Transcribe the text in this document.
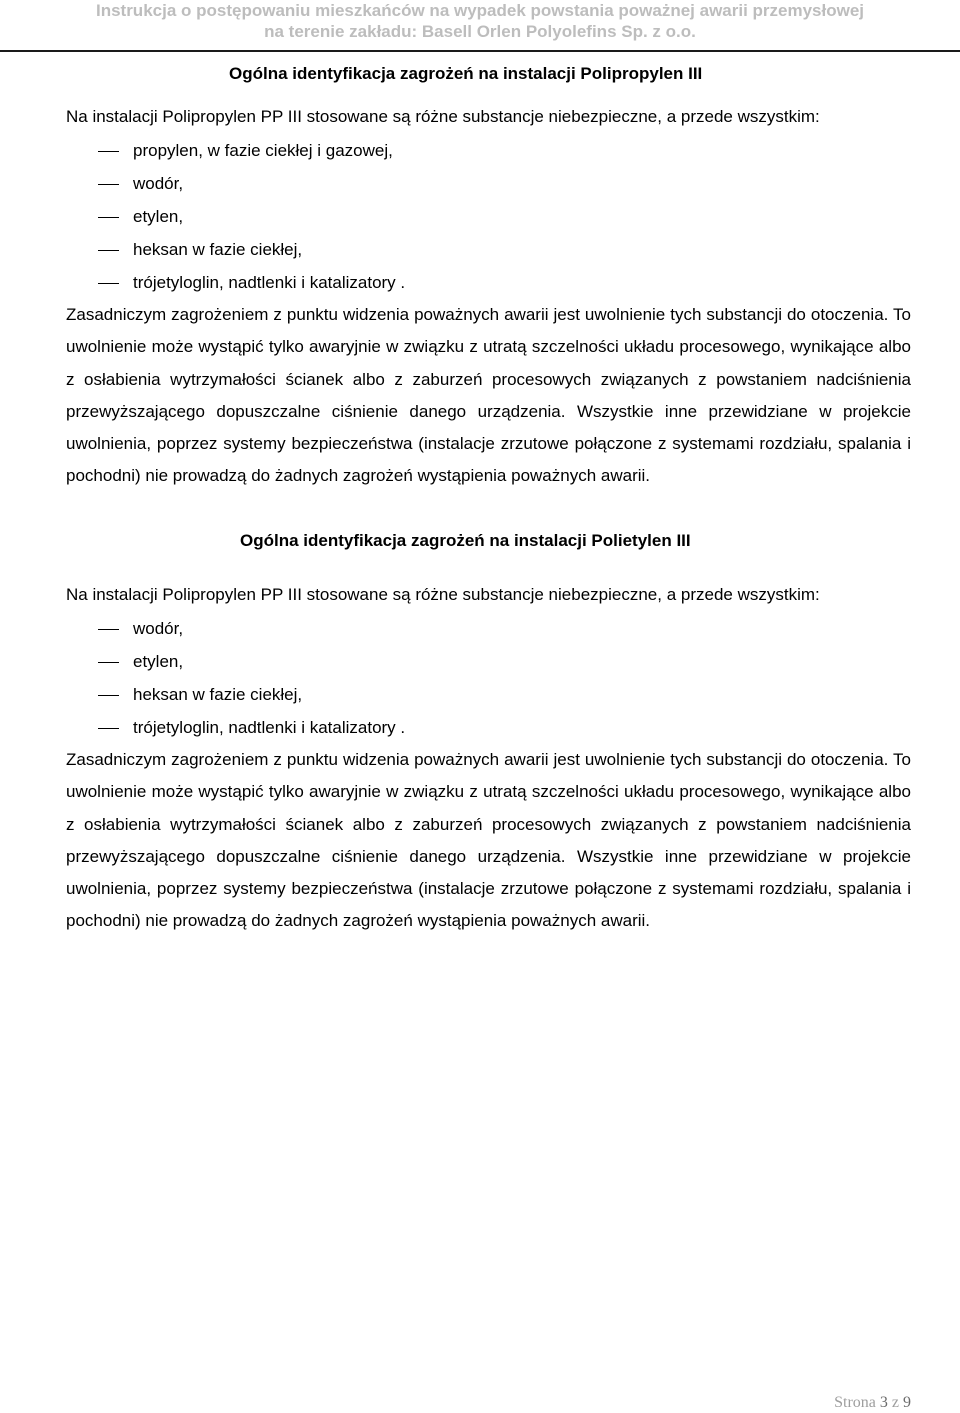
Instrukcja o postępowaniu mieszkańców na wypadek powstania poważnej awarii przemysłowej
na terenie zakładu: Basell Orlen Polyolefins Sp. z o.o.
Ogólna identyfikacja zagrożeń na instalacji Polipropylen III
Na instalacji Polipropylen PP III stosowane są różne substancje niebezpieczne, a przede wszystkim:
propylen, w fazie ciekłej i gazowej,
wodór,
etylen,
heksan w fazie ciekłej,
trójetyloglin, nadtlenki i katalizatory .

Zasadniczym zagrożeniem z punktu widzenia poważnych awarii jest uwolnienie tych substancji do otoczenia. To uwolnienie może wystąpić tylko awaryjnie w związku z utratą szczelności układu procesowego, wynikające albo z osłabienia wytrzymałości ścianek albo z zaburzeń procesowych związanych z powstaniem nadciśnienia przewyższającego dopuszczalne ciśnienie danego urządzenia. Wszystkie inne przewidziane w projekcie uwolnienia, poprzez systemy bezpieczeństwa (instalacje zrzutowe połączone z systemami rozdziału, spalania i pochodni) nie prowadzą do żadnych zagrożeń wystąpienia poważnych awarii.

Ogólna identyfikacja zagrożeń na instalacji Polietylen III
Na instalacji Polipropylen PP III stosowane są różne substancje niebezpieczne, a przede wszystkim:
wodór,
etylen,
heksan w fazie ciekłej,
trójetyloglin, nadtlenki i katalizatory .

Zasadniczym zagrożeniem z punktu widzenia poważnych awarii jest uwolnienie tych substancji do otoczenia. To uwolnienie może wystąpić tylko awaryjnie w związku z utratą szczelności układu procesowego, wynikające albo z osłabienia wytrzymałości ścianek albo z zaburzeń procesowych związanych z powstaniem nadciśnienia przewyższającego dopuszczalne ciśnienie danego urządzenia. Wszystkie inne przewidziane w projekcie uwolnienia, poprzez systemy bezpieczeństwa (instalacje zrzutowe połączone z systemami rozdziału, spalania i pochodni) nie prowadzą do żadnych zagrożeń wystąpienia poważnych awarii.

Strona 3 z 9
